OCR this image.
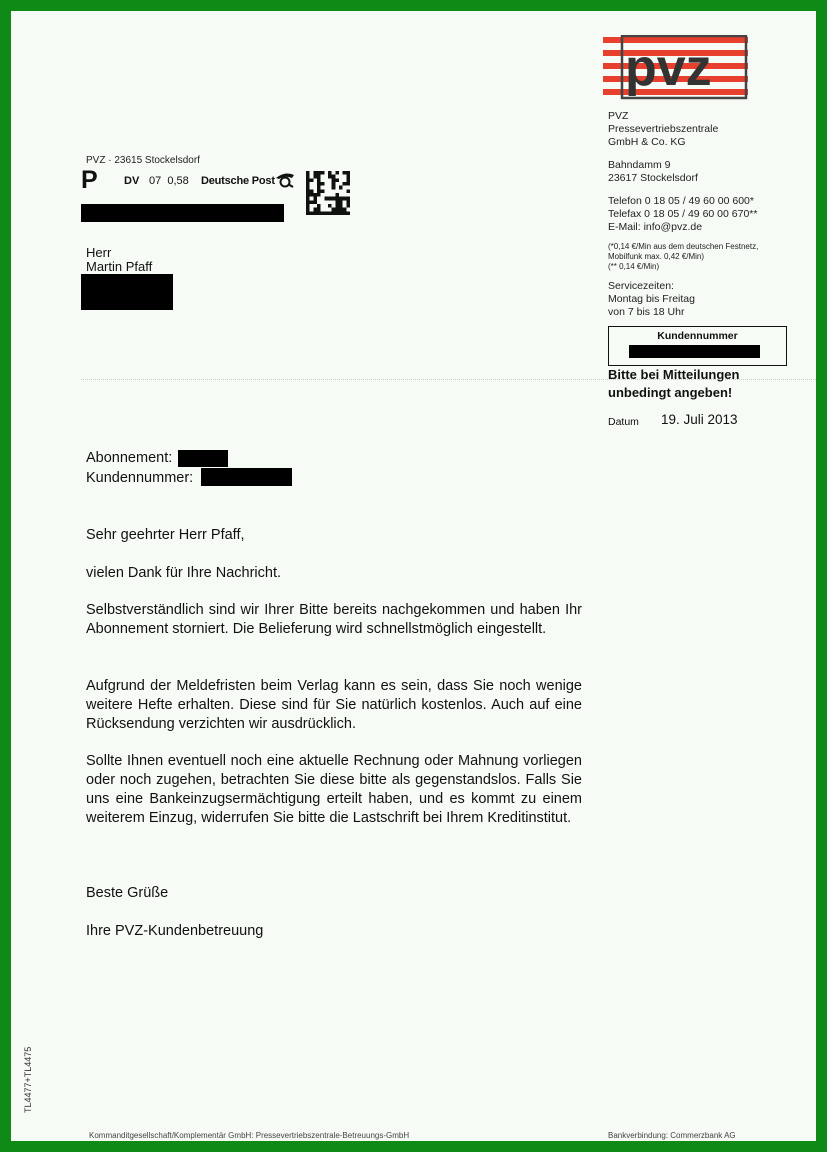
pvz
PVZ
Pressevertriebszentrale
GmbH & Co. KG
Bahndamm 9
23617 Stockelsdorf
Telefon 0 18 05 / 49 60 00 600*
Telefax 0 18 05 / 49 60 00 670**
E-Mail: info@pvz.de
(*0,14 €/Min aus dem deutschen Festnetz,
Mobilfunk max. 0,42 €/Min)
(** 0,14 €/Min)
Servicezeiten:
Montag bis Freitag
von 7 bis 18 Uhr
Kundennummer
Bitte bei Mitteilungen
unbedingt angeben!
Datum 19. Juli 2013
PVZ · 23615 Stockelsdorf
P DV 07 0,58 Deutsche Post
Herr
Martin Pfaff
Abonnement:
Kundennummer:
Sehr geehrter Herr Pfaff,
vielen Dank für Ihre Nachricht.
Selbstverständlich sind wir Ihrer Bitte bereits nachgekommen und haben Ihr Abonnement storniert. Die Belieferung wird schnellstmöglich eingestellt.
Aufgrund der Meldefristen beim Verlag kann es sein, dass Sie noch wenige weitere Hefte erhalten. Diese sind für Sie natürlich kostenlos. Auch auf eine Rücksendung verzichten wir ausdrücklich.
Sollte Ihnen eventuell noch eine aktuelle Rechnung oder Mahnung vorliegen oder noch zugehen, betrachten Sie diese bitte als gegenstandslos. Falls Sie uns eine Bankeinzugsermächtigung erteilt haben, und es kommt zu einem weiterem Einzug, widerrufen Sie bitte die Lastschrift bei Ihrem Kreditinstitut.
Beste Grüße
Ihre PVZ-Kundenbetreuung
TL4477+TL4475
Kommanditgesellschaft/Komplementär GmbH: Pressevertriebszentrale-Betreuungs-GmbH	Bankverbindung: Commerzbank AG
